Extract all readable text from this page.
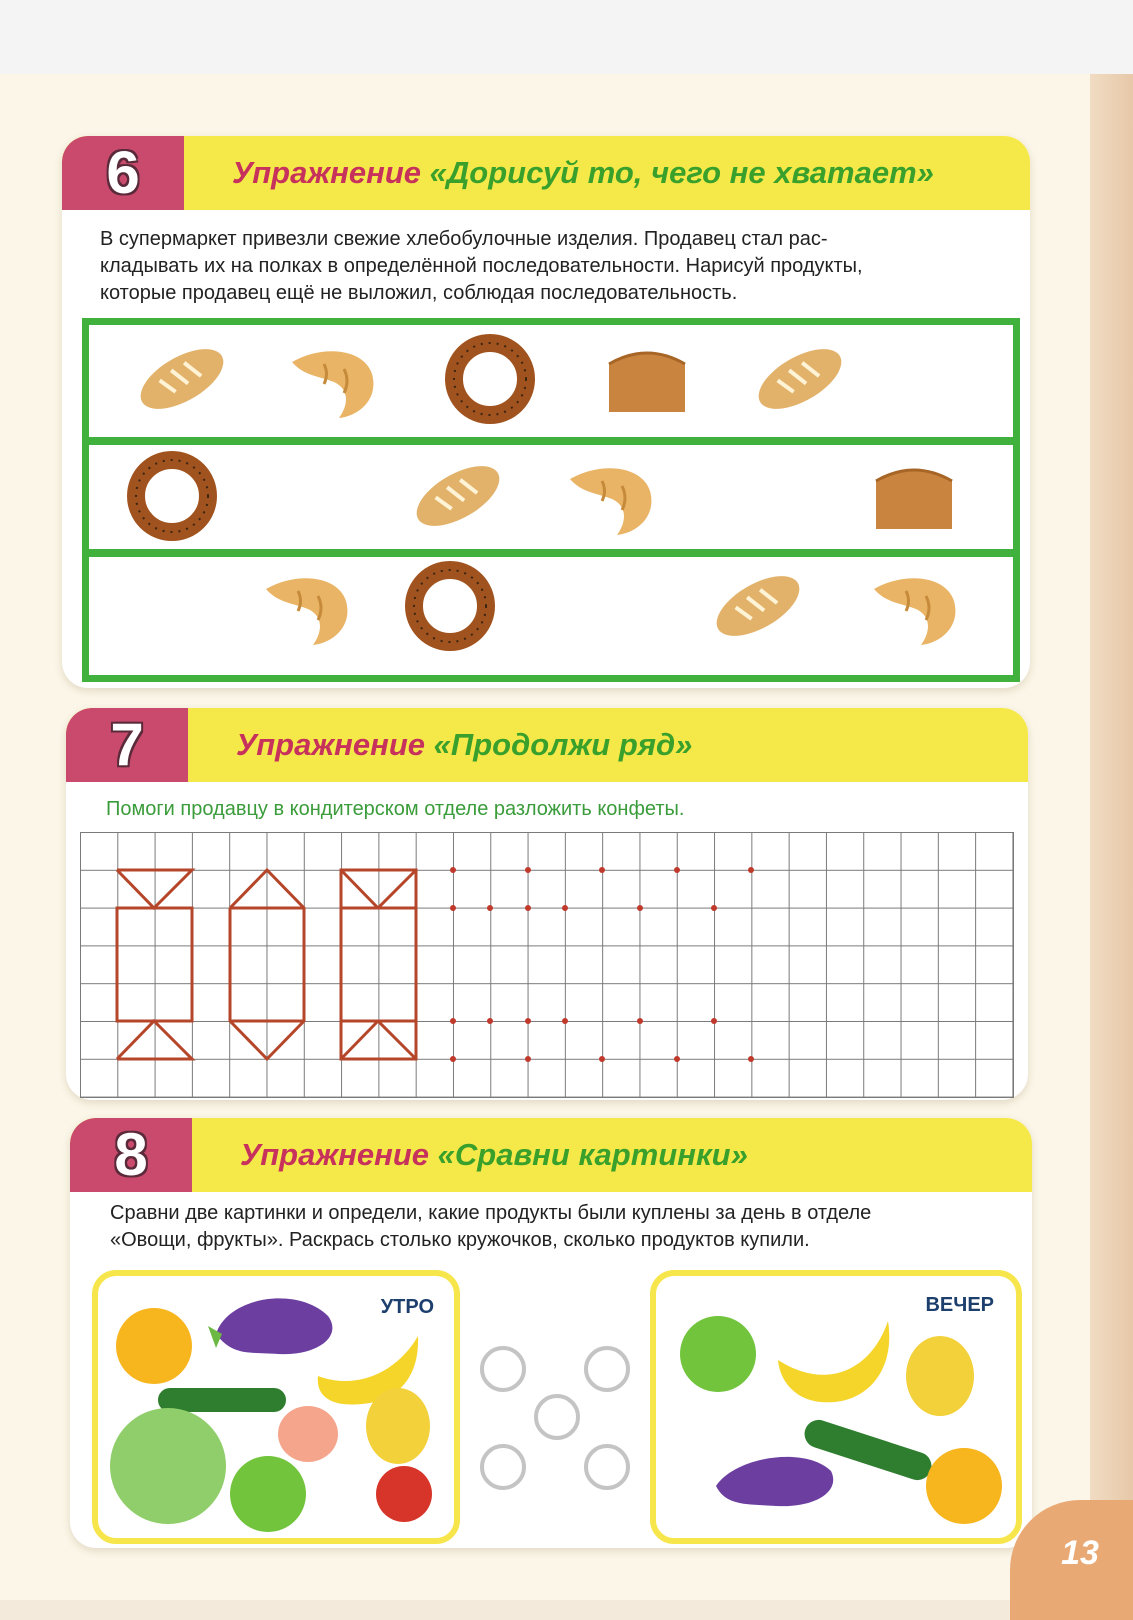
6	Упражнение «Дорисуй то, чего не хватает»
В супермаркет привезли свежие хлебобулочные изделия. Продавец стал рас-
кладывать их на полках в определённой последовательности. Нарисуй продукты,
которые продавец ещё не выложил, соблюдая последовательность.
7	Упражнение «Продолжи ряд»
Помоги продавцу в кондитерском отделе разложить конфеты.
8	Упражнение «Сравни картинки»
Сравни две картинки и определи, какие продукты были куплены за день в отделе
«Овощи, фрукты». Раскрась столько кружочков, сколько продуктов купили.
УТРО	ВЕЧЕР
13
